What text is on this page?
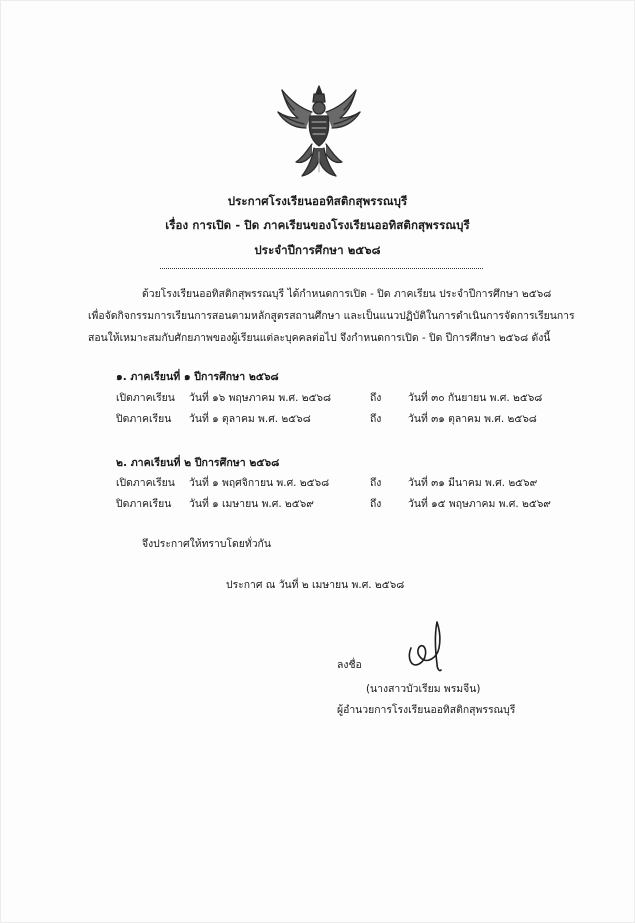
ประกาศโรงเรียนออทิสติกสุพรรณบุรี
เรื่อง การเปิด - ปิด ภาคเรียนของโรงเรียนออทิสติกสุพรรณบุรี
ประจำปีการศึกษา ๒๕๖๘
ด้วยโรงเรียนออทิสติกสุพรรณบุรี ได้กำหนดการเปิด - ปิด ภาคเรียน ประจำปีการศึกษา ๒๕๖๘
เพื่อจัดกิจกรรมการเรียนการสอนตามหลักสูตรสถานศึกษา และเป็นแนวปฏิบัติในการดำเนินการจัดการเรียนการ
สอนให้เหมาะสมกับศักยภาพของผู้เรียนแต่ละบุคคลต่อไป จึงกำหนดการเปิด - ปิด ปีการศึกษา ๒๕๖๘ ดังนี้
๑. ภาคเรียนที่ ๑ ปีการศึกษา ๒๕๖๘
เปิดภาคเรียน วันที่ ๑๖ พฤษภาคม พ.ศ. ๒๕๖๘	ถึง	วันที่ ๓๐ กันยายน พ.ศ. ๒๕๖๘
ปิดภาคเรียน วันที่ ๑ ตุลาคม พ.ศ. ๒๕๖๘	ถึง	วันที่ ๓๑ ตุลาคม พ.ศ. ๒๕๖๘
๒. ภาคเรียนที่ ๒ ปีการศึกษา ๒๕๖๘
เปิดภาคเรียน วันที่ ๑ พฤศจิกายน พ.ศ. ๒๕๖๘	ถึง	วันที่ ๓๑ มีนาคม พ.ศ. ๒๕๖๙
ปิดภาคเรียน วันที่ ๑ เมษายน พ.ศ. ๒๕๖๙	ถึง	วันที่ ๑๕ พฤษภาคม พ.ศ. ๒๕๖๙
จึงประกาศให้ทราบโดยทั่วกัน
ประกาศ ณ วันที่ ๒ เมษายน พ.ศ. ๒๕๖๘
ลงชื่อ
(นางสาวบัวเรียม พรมจีน)
ผู้อำนวยการโรงเรียนออทิสติกสุพรรณบุรี
